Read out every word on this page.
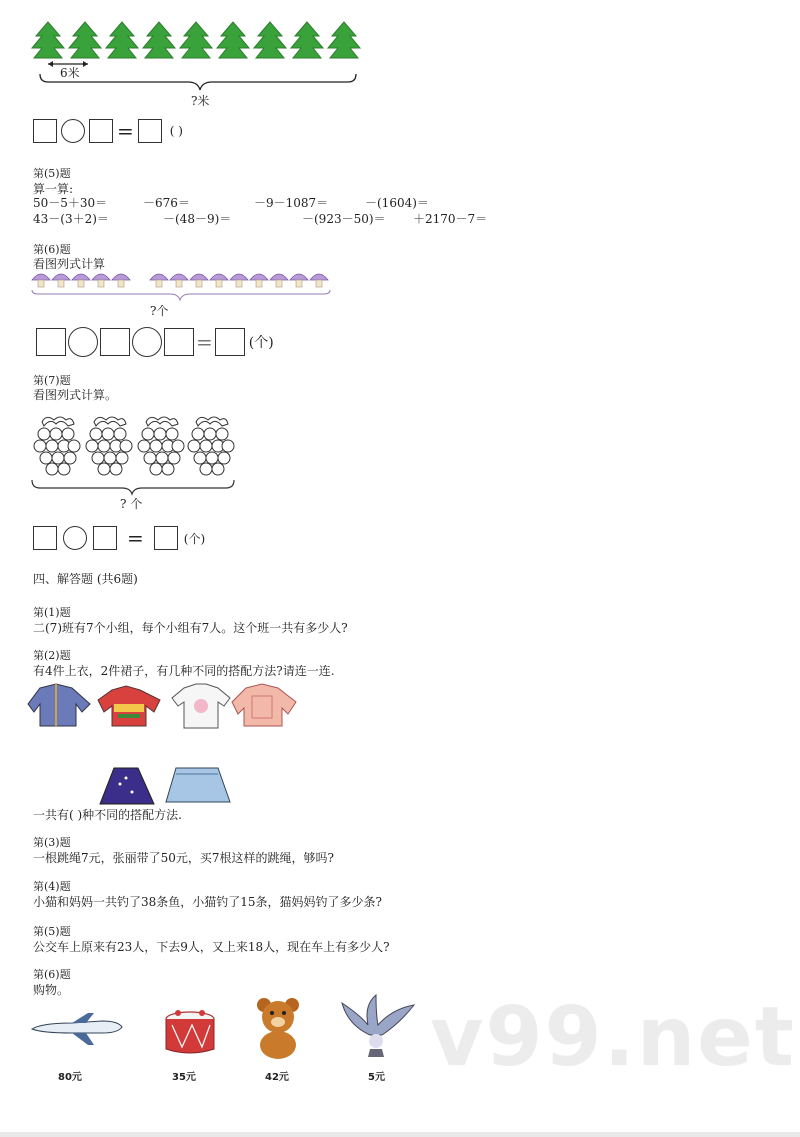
6米
?米
=	( )
第(5)题
算一算:
50－5＋30＝	－676＝	－9－1087＝	－(1604)＝
43－(3＋2)＝	－(48－9)＝	－(923－50)＝ ＋2170－7＝
第(6)题
看图列式计算
?个
=	(个)
第(7)题
看图列式计算。
? 个
=	(个)
四、解答题 (共6题)
第(1)题
二(7)班有7个小组，每个小组有7人。这个班一共有多少人?
第(2)题
有4件上衣，2件裙子，有几种不同的搭配方法?请连一连.
一共有( )种不同的搭配方法.
第(3)题
一根跳绳7元，张丽带了50元，买7根这样的跳绳，够吗?
第(4)题
小猫和妈妈一共钓了38条鱼，小猫钓了15条，猫妈妈钓了多少条?
第(5)题
公交车上原来有23人，下去9人，又上来18人，现在车上有多少人?
第(6)题
购物。	v99.net
80元	35元	42元	5元
